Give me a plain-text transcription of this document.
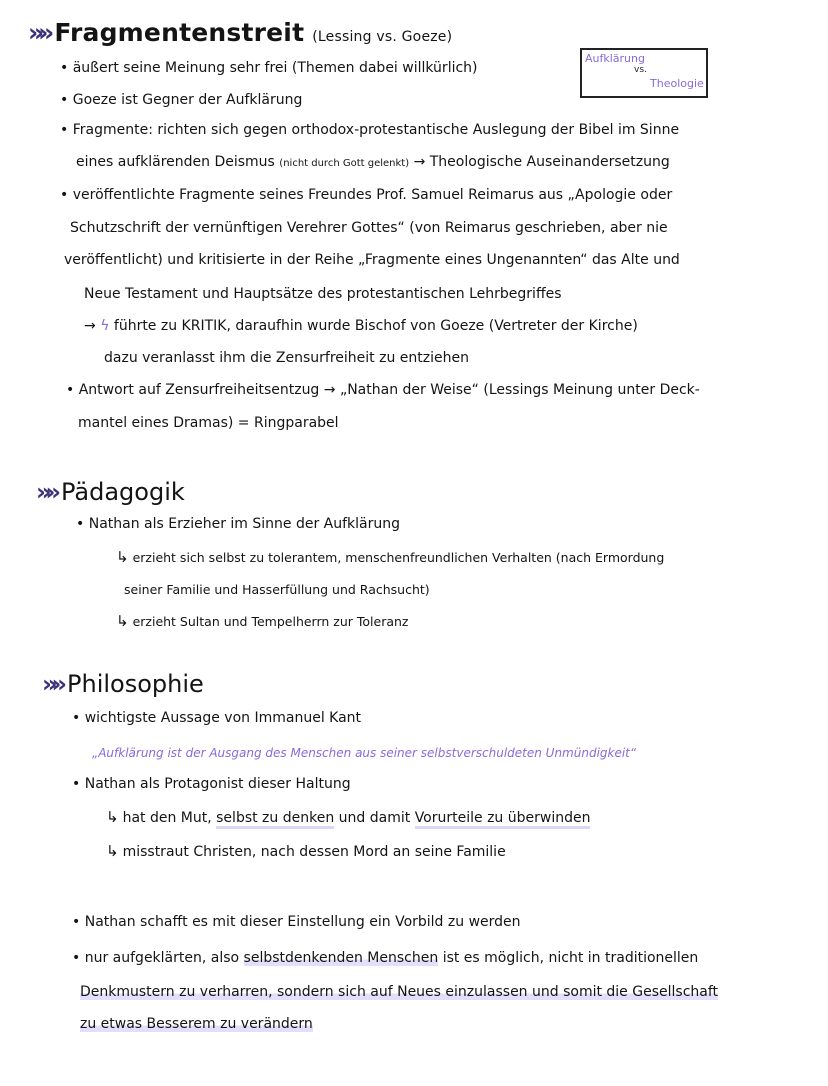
»» Fragmentenstreit (Lessing vs. Goeze)
Aufklärung
vs.
Theologie
• äußert seine Meinung sehr frei (Themen dabei willkürlich)
• Goeze ist Gegner der Aufklärung
• Fragmente: richten sich gegen orthodox-protestantische Auslegung der Bibel im Sinne
eines aufklärenden Deismus (nicht durch Gott gelenkt) → Theologische Auseinandersetzung
• veröffentlichte Fragmente seines Freundes Prof. Samuel Reimarus aus „Apologie oder
Schutzschrift der vernünftigen Verehrer Gottes“ (von Reimarus geschrieben, aber nie
veröffentlicht) und kritisierte in der Reihe „Fragmente eines Ungenannten“ das Alte und
Neue Testament und Hauptsätze des protestantischen Lehrbegriffes
→ ϟ führte zu KRITIK, daraufhin wurde Bischof von Goeze (Vertreter der Kirche)
dazu veranlasst ihm die Zensurfreiheit zu entziehen
• Antwort auf Zensurfreiheitsentzug → „Nathan der Weise“ (Lessings Meinung unter Deck-
mantel eines Dramas) = Ringparabel
»» Pädagogik
• Nathan als Erzieher im Sinne der Aufklärung
↳ erzieht sich selbst zu tolerantem, menschenfreundlichen Verhalten (nach Ermordung
seiner Familie und Hasserfüllung und Rachsucht)
↳ erzieht Sultan und Tempelherrn zur Toleranz
»» Philosophie
• wichtigste Aussage von Immanuel Kant
„Aufklärung ist der Ausgang des Menschen aus seiner selbstverschuldeten Unmündigkeit“
• Nathan als Protagonist dieser Haltung
↳ hat den Mut, selbst zu denken und damit Vorurteile zu überwinden
↳ misstraut Christen, nach dessen Mord an seine Familie
• Nathan schafft es mit dieser Einstellung ein Vorbild zu werden
• nur aufgeklärten, also selbstdenkenden Menschen ist es möglich, nicht in traditionellen
Denkmustern zu verharren, sondern sich auf Neues einzulassen und somit die Gesellschaft
zu etwas Besserem zu verändern
